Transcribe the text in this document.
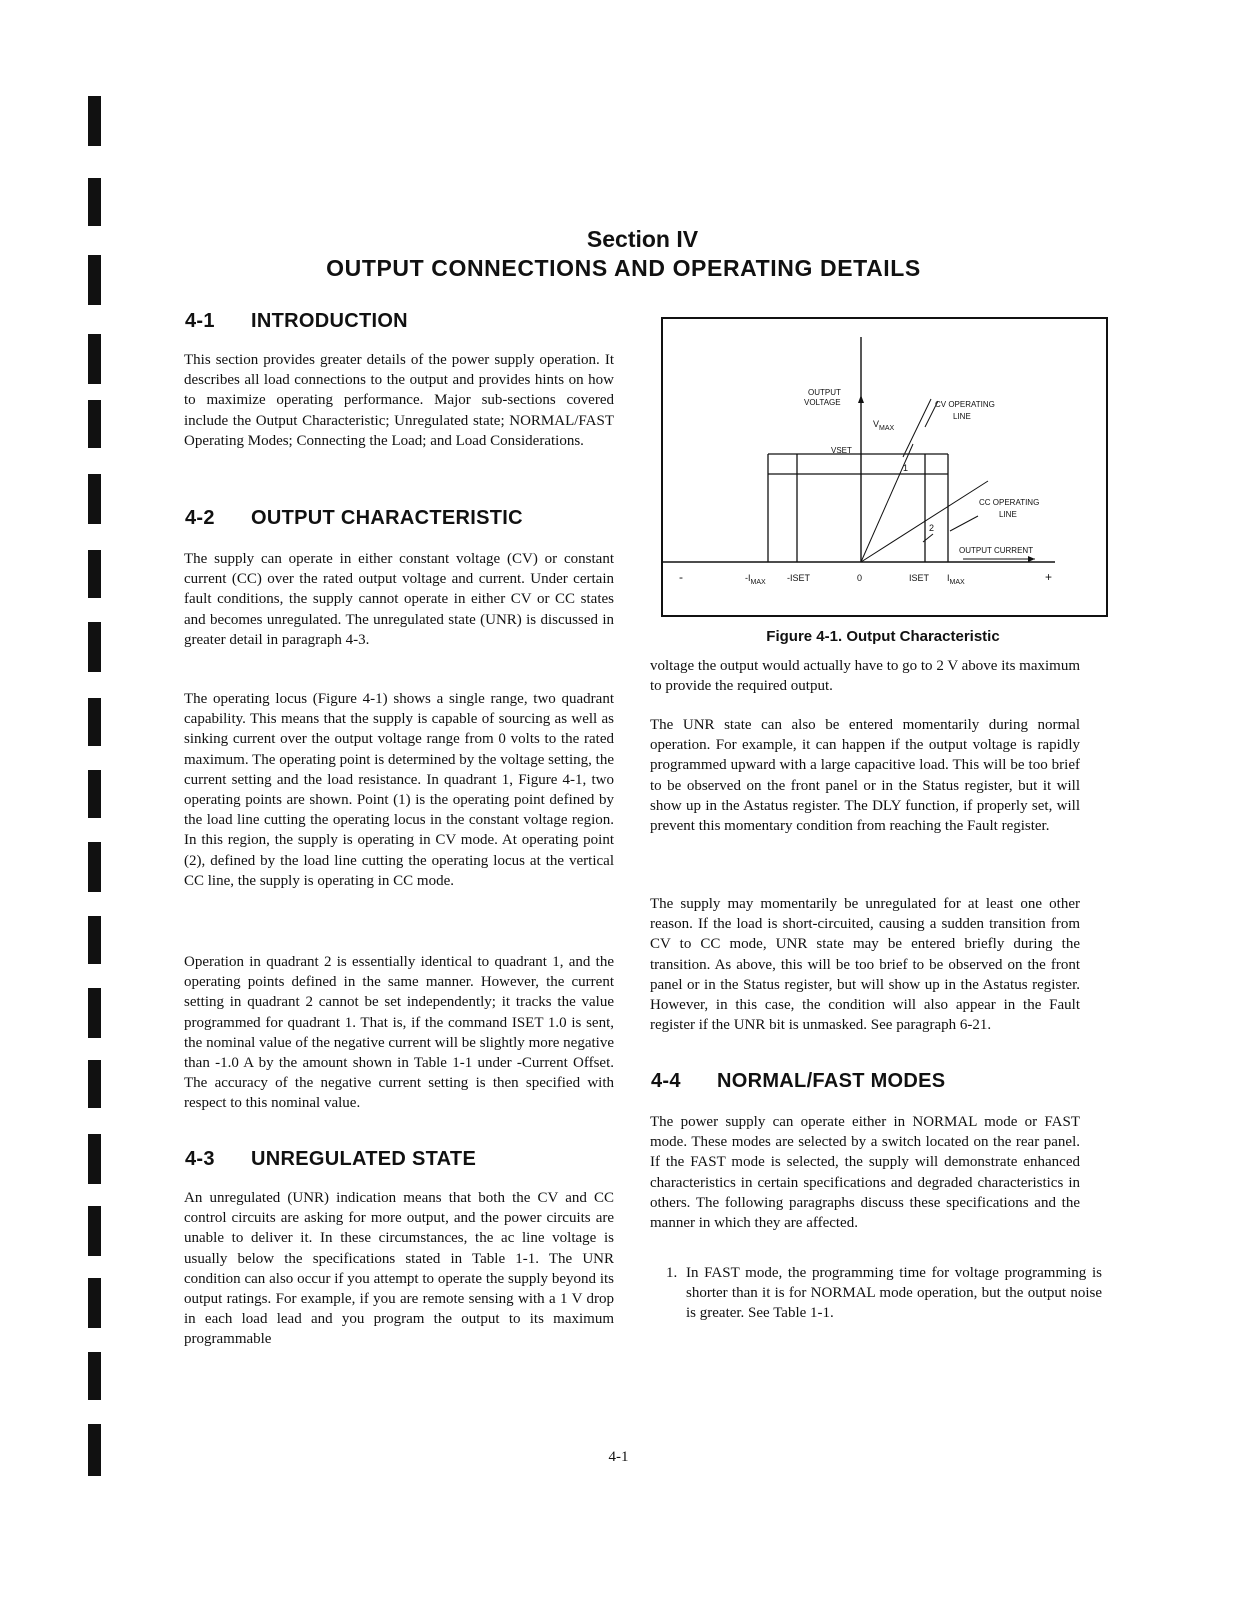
Section IV
OUTPUT CONNECTIONS AND OPERATING DETAILS
4-1 INTRODUCTION

This section provides greater details of the power supply operation. It describes all load connections to the output and provides hints on how to maximize operating performance. Major sub-sections covered include the Output Characteristic; Unregulated state; NORMAL/FAST Operating Modes; Connecting the Load; and Load Considerations.

4-2 OUTPUT CHARACTERISTIC

The supply can operate in either constant voltage (CV) or constant current (CC) over the rated output voltage and current. Under certain fault conditions, the supply cannot operate in either CV or CC states and becomes unregulated. The unregulated state (UNR) is discussed in greater detail in paragraph 4-3.

The operating locus (Figure 4-1) shows a single range, two quadrant capability. This means that the supply is capable of sourcing as well as sinking current over the output voltage range from 0 volts to the rated maximum. The operating point is determined by the voltage setting, the current setting and the load resistance. In quadrant 1, Figure 4-1, two operating points are shown. Point (1) is the operating point defined by the load line cutting the operating locus in the constant voltage region. In this region, the supply is operating in CV mode. At operating point (2), defined by the load line cutting the operating locus at the vertical CC line, the supply is operating in CC mode.

Operation in quadrant 2 is essentially identical to quadrant 1, and the operating points defined in the same manner. However, the current setting in quadrant 2 cannot be set independently; it tracks the value programmed for quadrant 1. That is, if the command ISET 1.0 is sent, the nominal value of the negative current will be slightly more negative than -1.0 A by the amount shown in Table 1-1 under -Current Offset. The accuracy of the negative current setting is then specified with respect to this nominal value.

4-3 UNREGULATED STATE

An unregulated (UNR) indication means that both the CV and CC control circuits are asking for more output, and the power circuits are unable to deliver it. In these circumstances, the ac line voltage is usually below the specifications stated in Table 1-1. The UNR condition can also occur if you attempt to operate the supply beyond its output ratings. For example, if you are remote sensing with a 1 V drop in each load lead and you program the output to its maximum programmable

OUTPUT
VOLTAGE	CV OPERATING
LINE
$V_{MAX}$
VSET
1
2
CC OPERATING
LINE
OUTPUT CURRENT
-	$-I_{MAX}$ -ISET	0	ISET $I_{MAX}$	+
Figure 4-1. Output Characteristic

voltage the output would actually have to go to 2 V above its maximum to provide the required output.

The UNR state can also be entered momentarily during normal operation. For example, it can happen if the output voltage is rapidly programmed upward with a large capacitive load. This will be too brief to be observed on the front panel or in the Status register, but it will show up in the Astatus register. The DLY function, if properly set, will prevent this momentary condition from reaching the Fault register.

The supply may momentarily be unregulated for at least one other reason. If the load is short-circuited, causing a sudden transition from CV to CC mode, UNR state may be entered briefly during the transition. As above, this will be too brief to be observed on the front panel or in the Status register, but will show up in the Astatus register. However, in this case, the condition will also appear in the Fault register if the UNR bit is unmasked. See paragraph 6-21.

4-4 NORMAL/FAST MODES

The power supply can operate either in NORMAL mode or FAST mode. These modes are selected by a switch located on the rear panel. If the FAST mode is selected, the supply will demonstrate enhanced characteristics in certain specifications and degraded characteristics in others. The following paragraphs discuss these specifications and the manner in which they are affected.

1. In FAST mode, the programming time for voltage programming is shorter than it is for NORMAL mode operation, but the output noise is greater. See Table 1-1.
4-1
